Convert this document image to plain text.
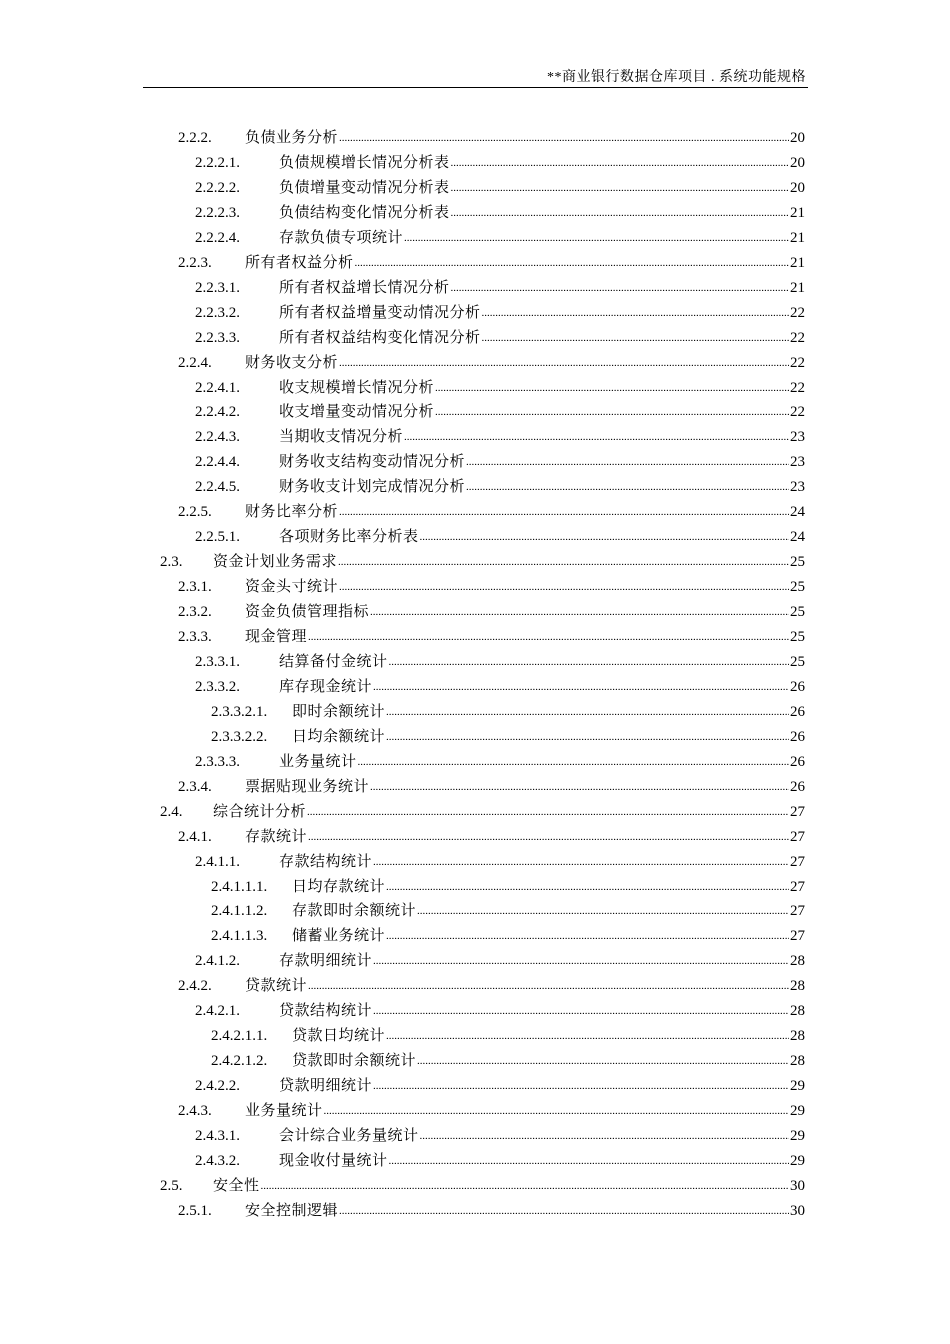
**商业银行数据仓库项目 . 系统功能规格
2.2.2.	负债业务分析 .....	20
2.2.2.1.	负债规模增长情况分析表 .....	20
2.2.2.2.	负债增量变动情况分析表 .....	20
2.2.2.3.	负债结构变化情况分析表 .....	21
2.2.2.4.	存款负债专项统计 .....	21
2.2.3.	所有者权益分析 .....	21
2.2.3.1.	所有者权益增长情况分析 .....	21
2.2.3.2.	所有者权益增量变动情况分析 .....	22
2.2.3.3.	所有者权益结构变化情况分析 .....	22
2.2.4.	财务收支分析 .....	22
2.2.4.1.	收支规模增长情况分析 .....	22
2.2.4.2.	收支增量变动情况分析 .....	22
2.2.4.3.	当期收支情况分析 .....	23
2.2.4.4.	财务收支结构变动情况分析 .....	23
2.2.4.5.	财务收支计划完成情况分析 .....	23
2.2.5.	财务比率分析 .....	24
2.2.5.1.	各项财务比率分析表 .....	24
2.3.	资金计划业务需求 .....	25
2.3.1.	资金头寸统计 .....	25
2.3.2.	资金负债管理指标 .....	25
2.3.3.	现金管理 .....	25
2.3.3.1.	结算备付金统计 .....	25
2.3.3.2.	库存现金统计 .....	26
2.3.3.2.1.	即时余额统计 .....	26
2.3.3.2.2.	日均余额统计 .....	26
2.3.3.3.	业务量统计 .....	26
2.3.4.	票据贴现业务统计 .....	26
2.4.	综合统计分析 .....	27
2.4.1.	存款统计 .....	27
2.4.1.1.	存款结构统计 .....	27
2.4.1.1.1.	日均存款统计 .....	27
2.4.1.1.2.	存款即时余额统计 .....	27
2.4.1.1.3.	储蓄业务统计 .....	27
2.4.1.2.	存款明细统计 .....	28
2.4.2.	贷款统计 .....	28
2.4.2.1.	贷款结构统计 .....	28
2.4.2.1.1.	贷款日均统计 .....	28
2.4.2.1.2.	贷款即时余额统计 .....	28
2.4.2.2.	贷款明细统计 .....	29
2.4.3.	业务量统计 .....	29
2.4.3.1.	会计综合业务量统计 .....	29
2.4.3.2.	现金收付量统计 .....	29
2.5.	安全性 .....	30
2.5.1.	安全控制逻辑 .....	30
